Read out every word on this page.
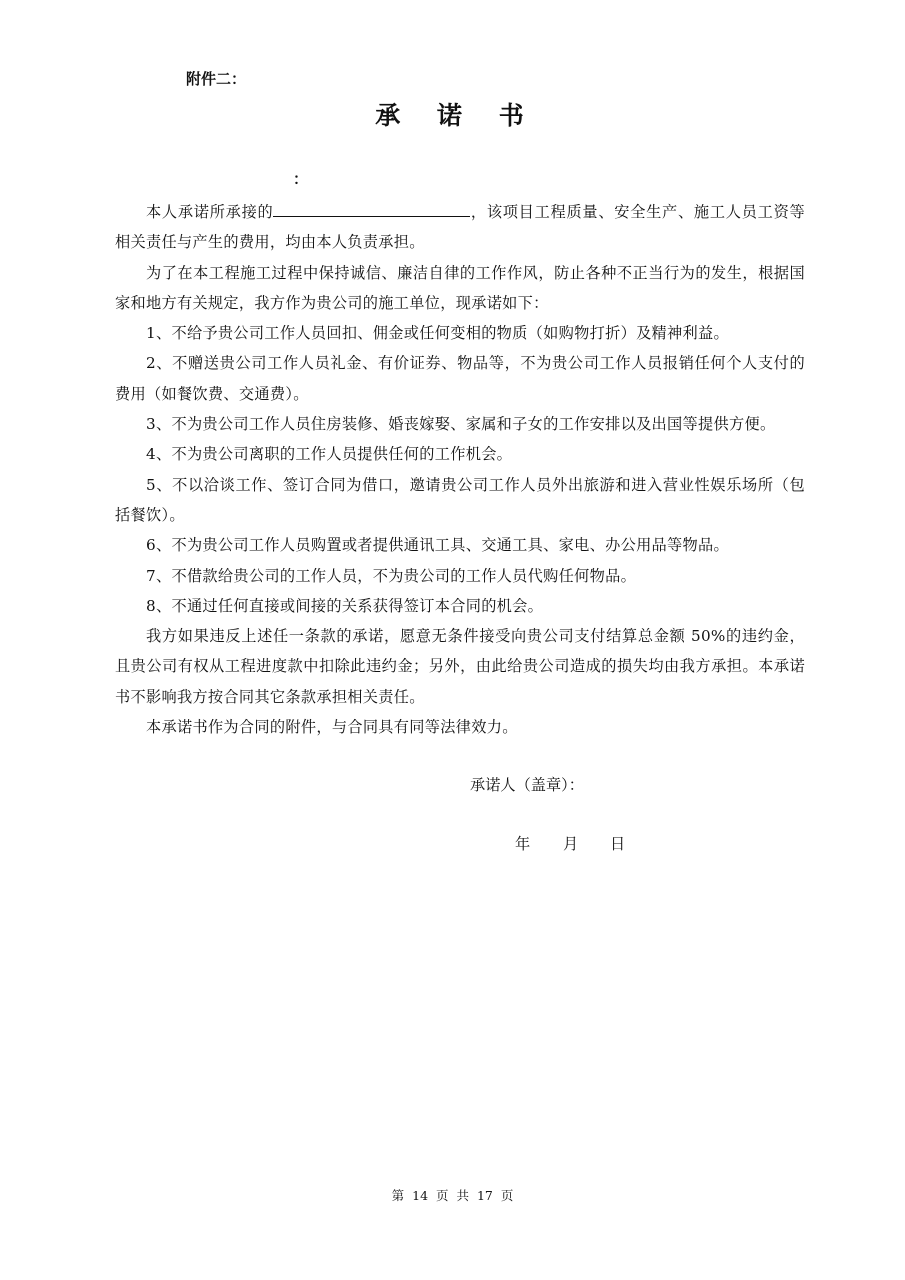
附件二：
承 诺 书
：

本人承诺所承接的	，该项目工程质量、安全生产、施工人员工资等相关责任与产生的费用，均由本人负责承担。

为了在本工程施工过程中保持诚信、廉洁自律的工作作风，防止各种不正当行为的发生，根据国家和地方有关规定，我方作为贵公司的施工单位，现承诺如下：

1、不给予贵公司工作人员回扣、佣金或任何变相的物质（如购物打折）及精神利益。

2、不赠送贵公司工作人员礼金、有价证券、物品等，不为贵公司工作人员报销任何个人支付的费用（如餐饮费、交通费）。

3、不为贵公司工作人员住房装修、婚丧嫁娶、家属和子女的工作安排以及出国等提供方便。

4、不为贵公司离职的工作人员提供任何的工作机会。

5、不以洽谈工作、签订合同为借口，邀请贵公司工作人员外出旅游和进入营业性娱乐场所（包括餐饮）。

6、不为贵公司工作人员购置或者提供通讯工具、交通工具、家电、办公用品等物品。

7、不借款给贵公司的工作人员，不为贵公司的工作人员代购任何物品。

8、不通过任何直接或间接的关系获得签订本合同的机会。

我方如果违反上述任一条款的承诺，愿意无条件接受向贵公司支付结算总金额 50%的违约金，且贵公司有权从工程进度款中扣除此违约金；另外，由此给贵公司造成的损失均由我方承担。本承诺书不影响我方按合同其它条款承担相关责任。

本承诺书作为合同的附件，与合同具有同等法律效力。

承诺人（盖章）：
年	月	日
第 14 页 共 17 页
